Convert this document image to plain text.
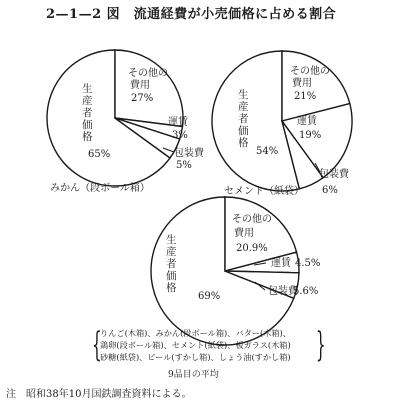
2—1—2 図　流通経費が小売価格に占める割合
生産者価格
65%
その他の費用
27%
運賃
3%
包装費
5%
みかん（段ボール箱）
生産者価格
54%
その他の費用
21%
運賃
19%
包装費
6%
セメント（紙袋）
生産者価格
69%
その他の費用
20.9%
運賃 4.5%
包装費
5.6%
{
りんご(木箱)、みかん(段ボール箱)、バター(木箱)、
鶏卵(段ボール箱)、セメント(紙袋)、板ガラス(木箱)
砂糖(紙袋)、ビール(すかし箱)、しょう油(すかし箱) }
9品目の平均
注　昭和38年10月国鉄調査資料による。
